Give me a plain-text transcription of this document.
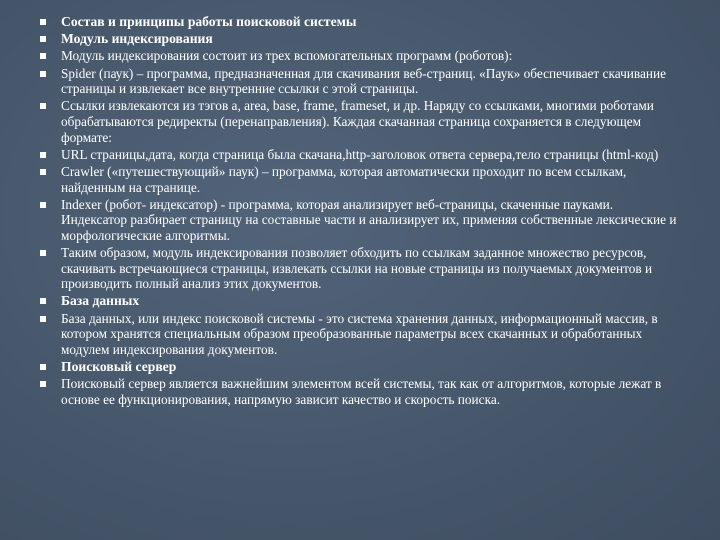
Состав и принципы работы поисковой системы
Модуль индексирования
Модуль индексирования состоит из трех вспомогательных программ (роботов):
Spider (паук) – программа, предназначенная для скачивания веб-страниц. «Паук» обеспечивает скачивание страницы и извлекает все внутренние ссылки с этой страницы.
Ссылки извлекаются из тэгов a, area, base, frame, frameset, и др. Наряду со ссылками, многими роботами обрабатываются редиректы (перенаправления). Каждая скачанная страница сохраняется в следующем формате:
URL страницы,дата, когда страница была скачана,http-заголовок ответа сервера,тело страницы (html-код)
Crawler («путешествующий» паук) – программа, которая автоматически проходит по всем ссылкам, найденным на странице.
Indexer (робот- индексатор) - программа, которая анализирует веб-страницы, скаченные пауками. Индексатор разбирает страницу на составные части и анализирует их, применяя собственные лексические и морфологические алгоритмы.
Таким образом, модуль индексирования позволяет обходить по ссылкам заданное множество ресурсов, скачивать встречающиеся страницы, извлекать ссылки на новые страницы из получаемых документов и производить полный анализ этих документов.
База данных
База данных, или индекс поисковой системы - это система хранения данных, информационный массив, в котором хранятся специальным образом преобразованные параметры всех скачанных и обработанных модулем индексирования документов.
Поисковый сервер
Поисковый сервер является важнейшим элементом всей системы, так как от алгоритмов, которые лежат в основе ее функционирования, напрямую зависит качество и скорость поиска.
